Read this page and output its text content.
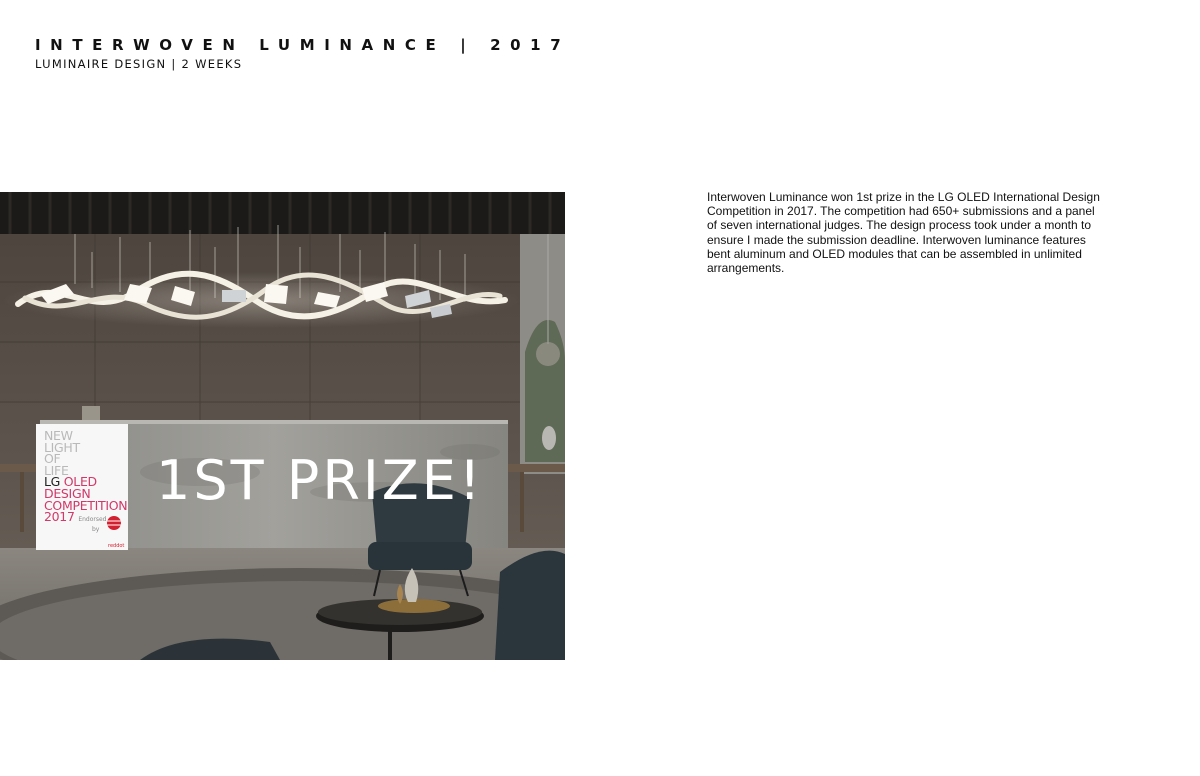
INTERWOVEN LUMINANCE | 2017
LUMINAIRE DESIGN | 2 WEEKS
NEW
LIGHT
OF
LIFE
LG OLED
DESIGN
COMPETITION
2017 Endorsed
by
reddot
1ST PRIZE!
Interwoven Luminance won 1st prize in the LG OLED International Design Competition in 2017. The competition had 650+ submissions and a panel of seven international judges. The design process took under a month to ensure I made the submission deadline. Interwoven luminance features bent aluminum and OLED modules that can be assembled in unlimited arrangements.
